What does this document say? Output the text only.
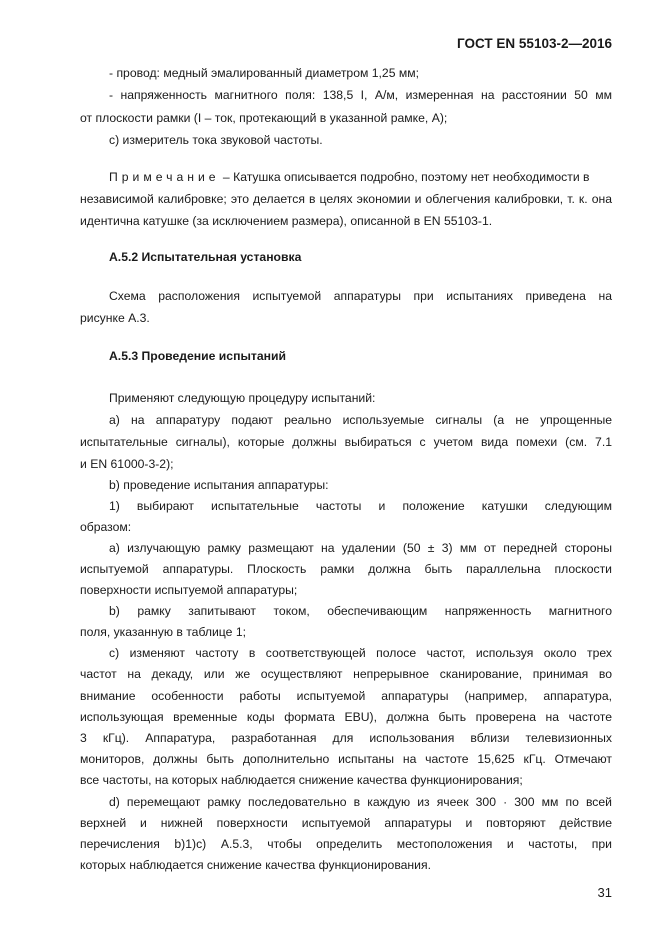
ГОСТ EN 55103-2—2016
- провод: медный эмалированный диаметром 1,25 мм;
- напряженность магнитного поля: 138,5 I, А/м, измеренная на расстоянии 50 мм
от плоскости рамки (I – ток, протекающий в указанной рамке, А);
c) измеритель тока звуковой частоты.
Примечание – Катушка описывается подробно, поэтому нет необходимости в
независимой калибровке; это делается в целях экономии и облегчения калибровки, т. к. она
идентична катушке (за исключением размера), описанной в EN 55103-1.
А.5.2 Испытательная установка
Схема расположения испытуемой аппаратуры при испытаниях приведена на
рисунке А.3.
А.5.3 Проведение испытаний
Применяют следующую процедуру испытаний:
а) на аппаратуру подают реально используемые сигналы (а не упрощенные
испытательные сигналы), которые должны выбираться с учетом вида помехи (см. 7.1
и EN 61000-3-2);
b) проведение испытания аппаратуры:
1) выбирают испытательные частоты и положение катушки следующим
образом:
a) излучающую рамку размещают на удалении (50 ± 3) мм от передней стороны
испытуемой аппаратуры. Плоскость рамки должна быть параллельна плоскости
поверхности испытуемой аппаратуры;
b) рамку запитывают током, обеспечивающим напряженность магнитного
поля, указанную в таблице 1;
c) изменяют частоту в соответствующей полосе частот, используя около трех
частот на декаду, или же осуществляют непрерывное сканирование, принимая во
внимание особенности работы испытуемой аппаратуры (например, аппаратура,
использующая временные коды формата EBU), должна быть проверена на частоте
3 кГц). Аппаратура, разработанная для использования вблизи телевизионных
мониторов, должны быть дополнительно испытаны на частоте 15,625 кГц. Отмечают
все частоты, на которых наблюдается снижение качества функционирования;
d) перемещают рамку последовательно в каждую из ячеек 300 · 300 мм по всей
верхней и нижней поверхности испытуемой аппаратуры и повторяют действие
перечисления b)1)c) А.5.3, чтобы определить местоположения и частоты, при
которых наблюдается снижение качества функционирования.
31
